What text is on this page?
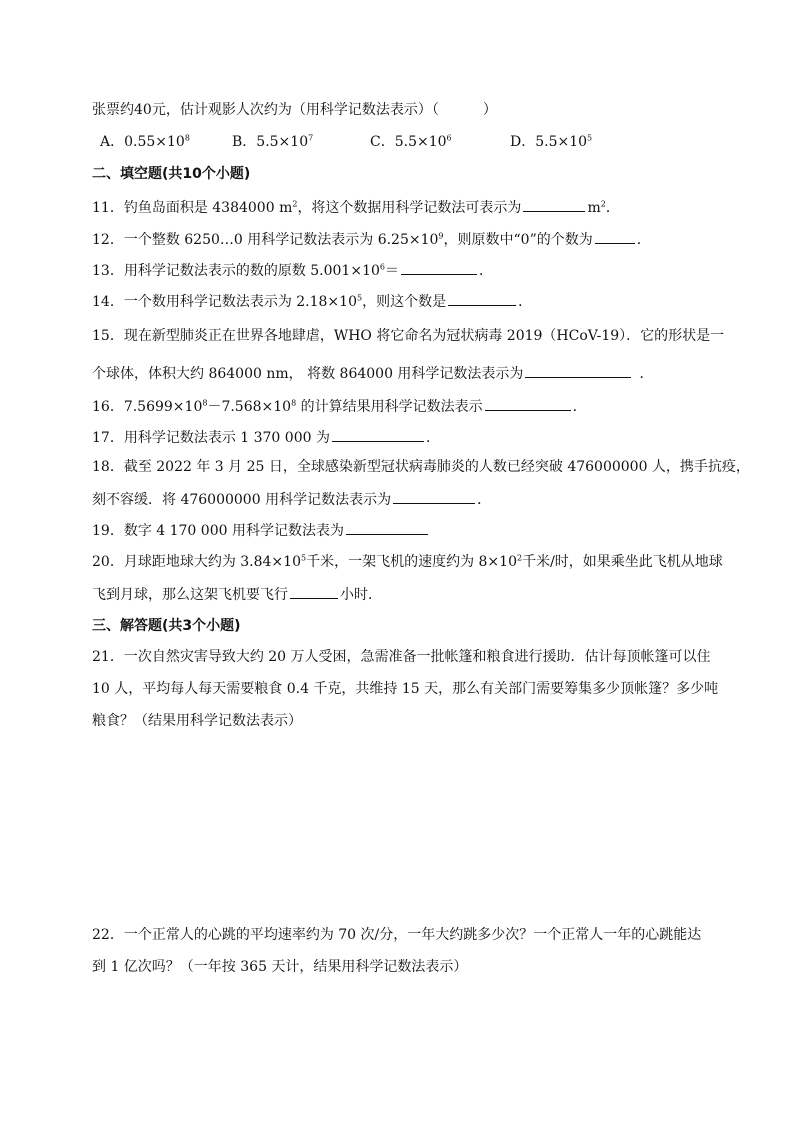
张票约40元，估计观影人次约为（用科学记数法表示）（	）
A．$0.55\times 10^8$	B．$5.5\times 10^7$	C．$5.5\times 10^6$	D．$5.5\times 10^5$
二、填空题(共10个小题)
11．钓鱼岛面积是 4384000 $m^2$，将这个数据用科学记数法可表示为	$m^2$．
12．一个整数 6250…0 用科学记数法表示为 $6.25\times 10^9$，则原数中“0”的个数为	．
13．用科学记数法表示的数的原数 $5.001\times 10^6=$	．
14．一个数用科学记数法表示为 $2.18\times 10^5$，则这个数是	．
15．现在新型肺炎正在世界各地肆虐，WHO 将它命名为冠状病毒 2019（HCoV-19）．它的形状是一
个球体，体积大约 864000 nm， 将数 864000 用科学记数法表示为	．
16．$7.5699\times 10^8-7.568\times 10^8$ 的计算结果用科学记数法表示	．
17．用科学记数法表示 1 370 000 为	．
18．截至 2022 年 3 月 25 日，全球感染新型冠状病毒肺炎的人数已经突破 476000000 人，携手抗疫，
刻不容缓．将 476000000 用科学记数法表示为	．
19．数字 4 170 000 用科学记数法表为
20．月球距地球大约为 $3.84\times 10^5$千米，一架飞机的速度约为 $8\times 10^2$千米/时，如果乘坐此飞机从地球
飞到月球，那么这架飞机要飞行	小时．
三、解答题(共3个小题)
21．一次自然灾害导致大约 20 万人受困，急需准备一批帐篷和粮食进行援助．估计每顶帐篷可以住
10 人，平均每人每天需要粮食 0.4 千克，共维持 15 天，那么有关部门需要筹集多少顶帐篷？多少吨
粮食？（结果用科学记数法表示）
22．一个正常人的心跳的平均速率约为 70 次/分，一年大约跳多少次？一个正常人一年的心跳能达
到 1 亿次吗？（一年按 365 天计，结果用科学记数法表示）
